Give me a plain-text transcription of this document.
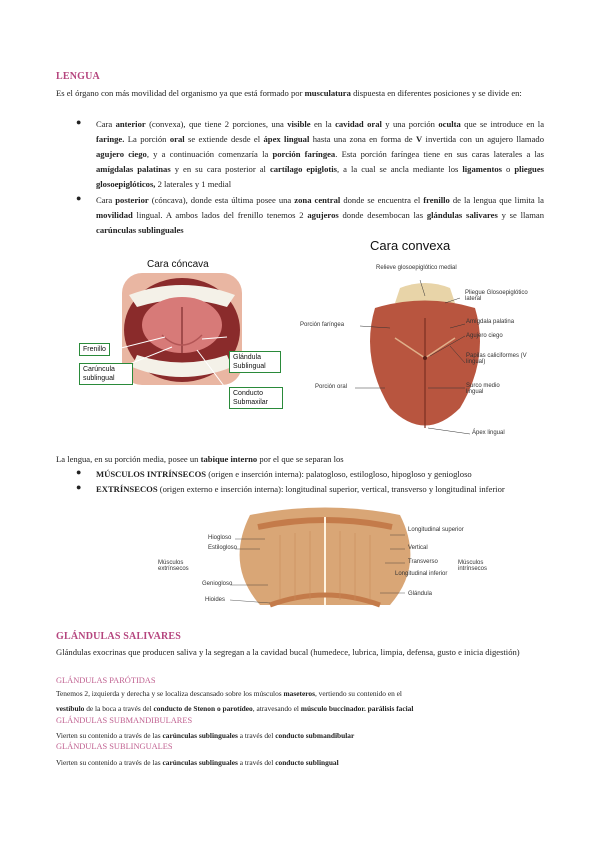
LENGUA
Es el órgano con más movilidad del organismo ya que está formado por musculatura dispuesta en diferentes posiciones y se divide en:
● Cara anterior (convexa), que tiene 2 porciones, una visible en la cavidad oral y una porción oculta que se introduce en la faringe. La porción oral se extiende desde el ápex lingual hasta una zona en forma de V invertida con un agujero llamado agujero ciego, y a continuación comenzaría la porción faríngea. Esta porción faríngea tiene en sus caras laterales a las amígdalas palatinas y en su cara posterior al cartílago epiglotis, a la cual se ancla mediante los ligamentos o pliegues glosoepiglóticos, 2 laterales y 1 medial
● Cara posterior (cóncava), donde esta última posee una zona central donde se encuentra el frenillo de la lengua que limita la movilidad lingual. A ambos lados del frenillo tenemos 2 agujeros donde desembocan las glándulas salivares y se llaman carúnculas sublinguales
Cara cóncava
Frenillo
Carúncula sublingual
Glándula Sublingual
Conducto Submaxilar
Cara convexa
Relieve glosoepiglótico medial
Pliegue Glosoepiglótico lateral
Amígdala palatina
Agujero ciego
Porción faríngea
Papilas caliciformes (V lingual)
Porción oral	Surco medio lingual
Ápex lingual
La lengua, en su porción media, posee un tabique interno por el que se separan los
● MÚSCULOS INTRÍNSECOS (origen e inserción interna): palatogloso, estilogloso, hipogloso y geniogloso
● EXTRÍNSECOS (origen externo e inserción interna): longitudinal superior, vertical, transverso y longitudinal inferior
Hiogloso
Estilogloso
Músculos extrínsecos
Geniogloso
Hioides
Longitudinal superior
Vertical
Transverso
Longitudinal inferior
Músculos intrínsecos
Glándula
GLÁNDULAS SALIVARES
Glándulas exocrinas que producen saliva y la segregan a la cavidad bucal (humedece, lubrica, limpia, defensa, gusto e inicia digestión)
GLÁNDULAS PARÓTIDAS
Tenemos 2, izquierda y derecha y se localiza descansado sobre los músculos maseteros, vertiendo su contenido en el
vestíbulo de la boca a través del conducto de Stenon o parotídeo, atravesando el músculo buccinador. parálisis facial
GLÁNDULAS SUBMANDIBULARES
Vierten su contenido a través de las carúnculas sublinguales a través del conducto submandibular
GLÁNDULAS SUBLINGUALES
Vierten su contenido a través de las carúnculas sublinguales a través del conducto sublingual
